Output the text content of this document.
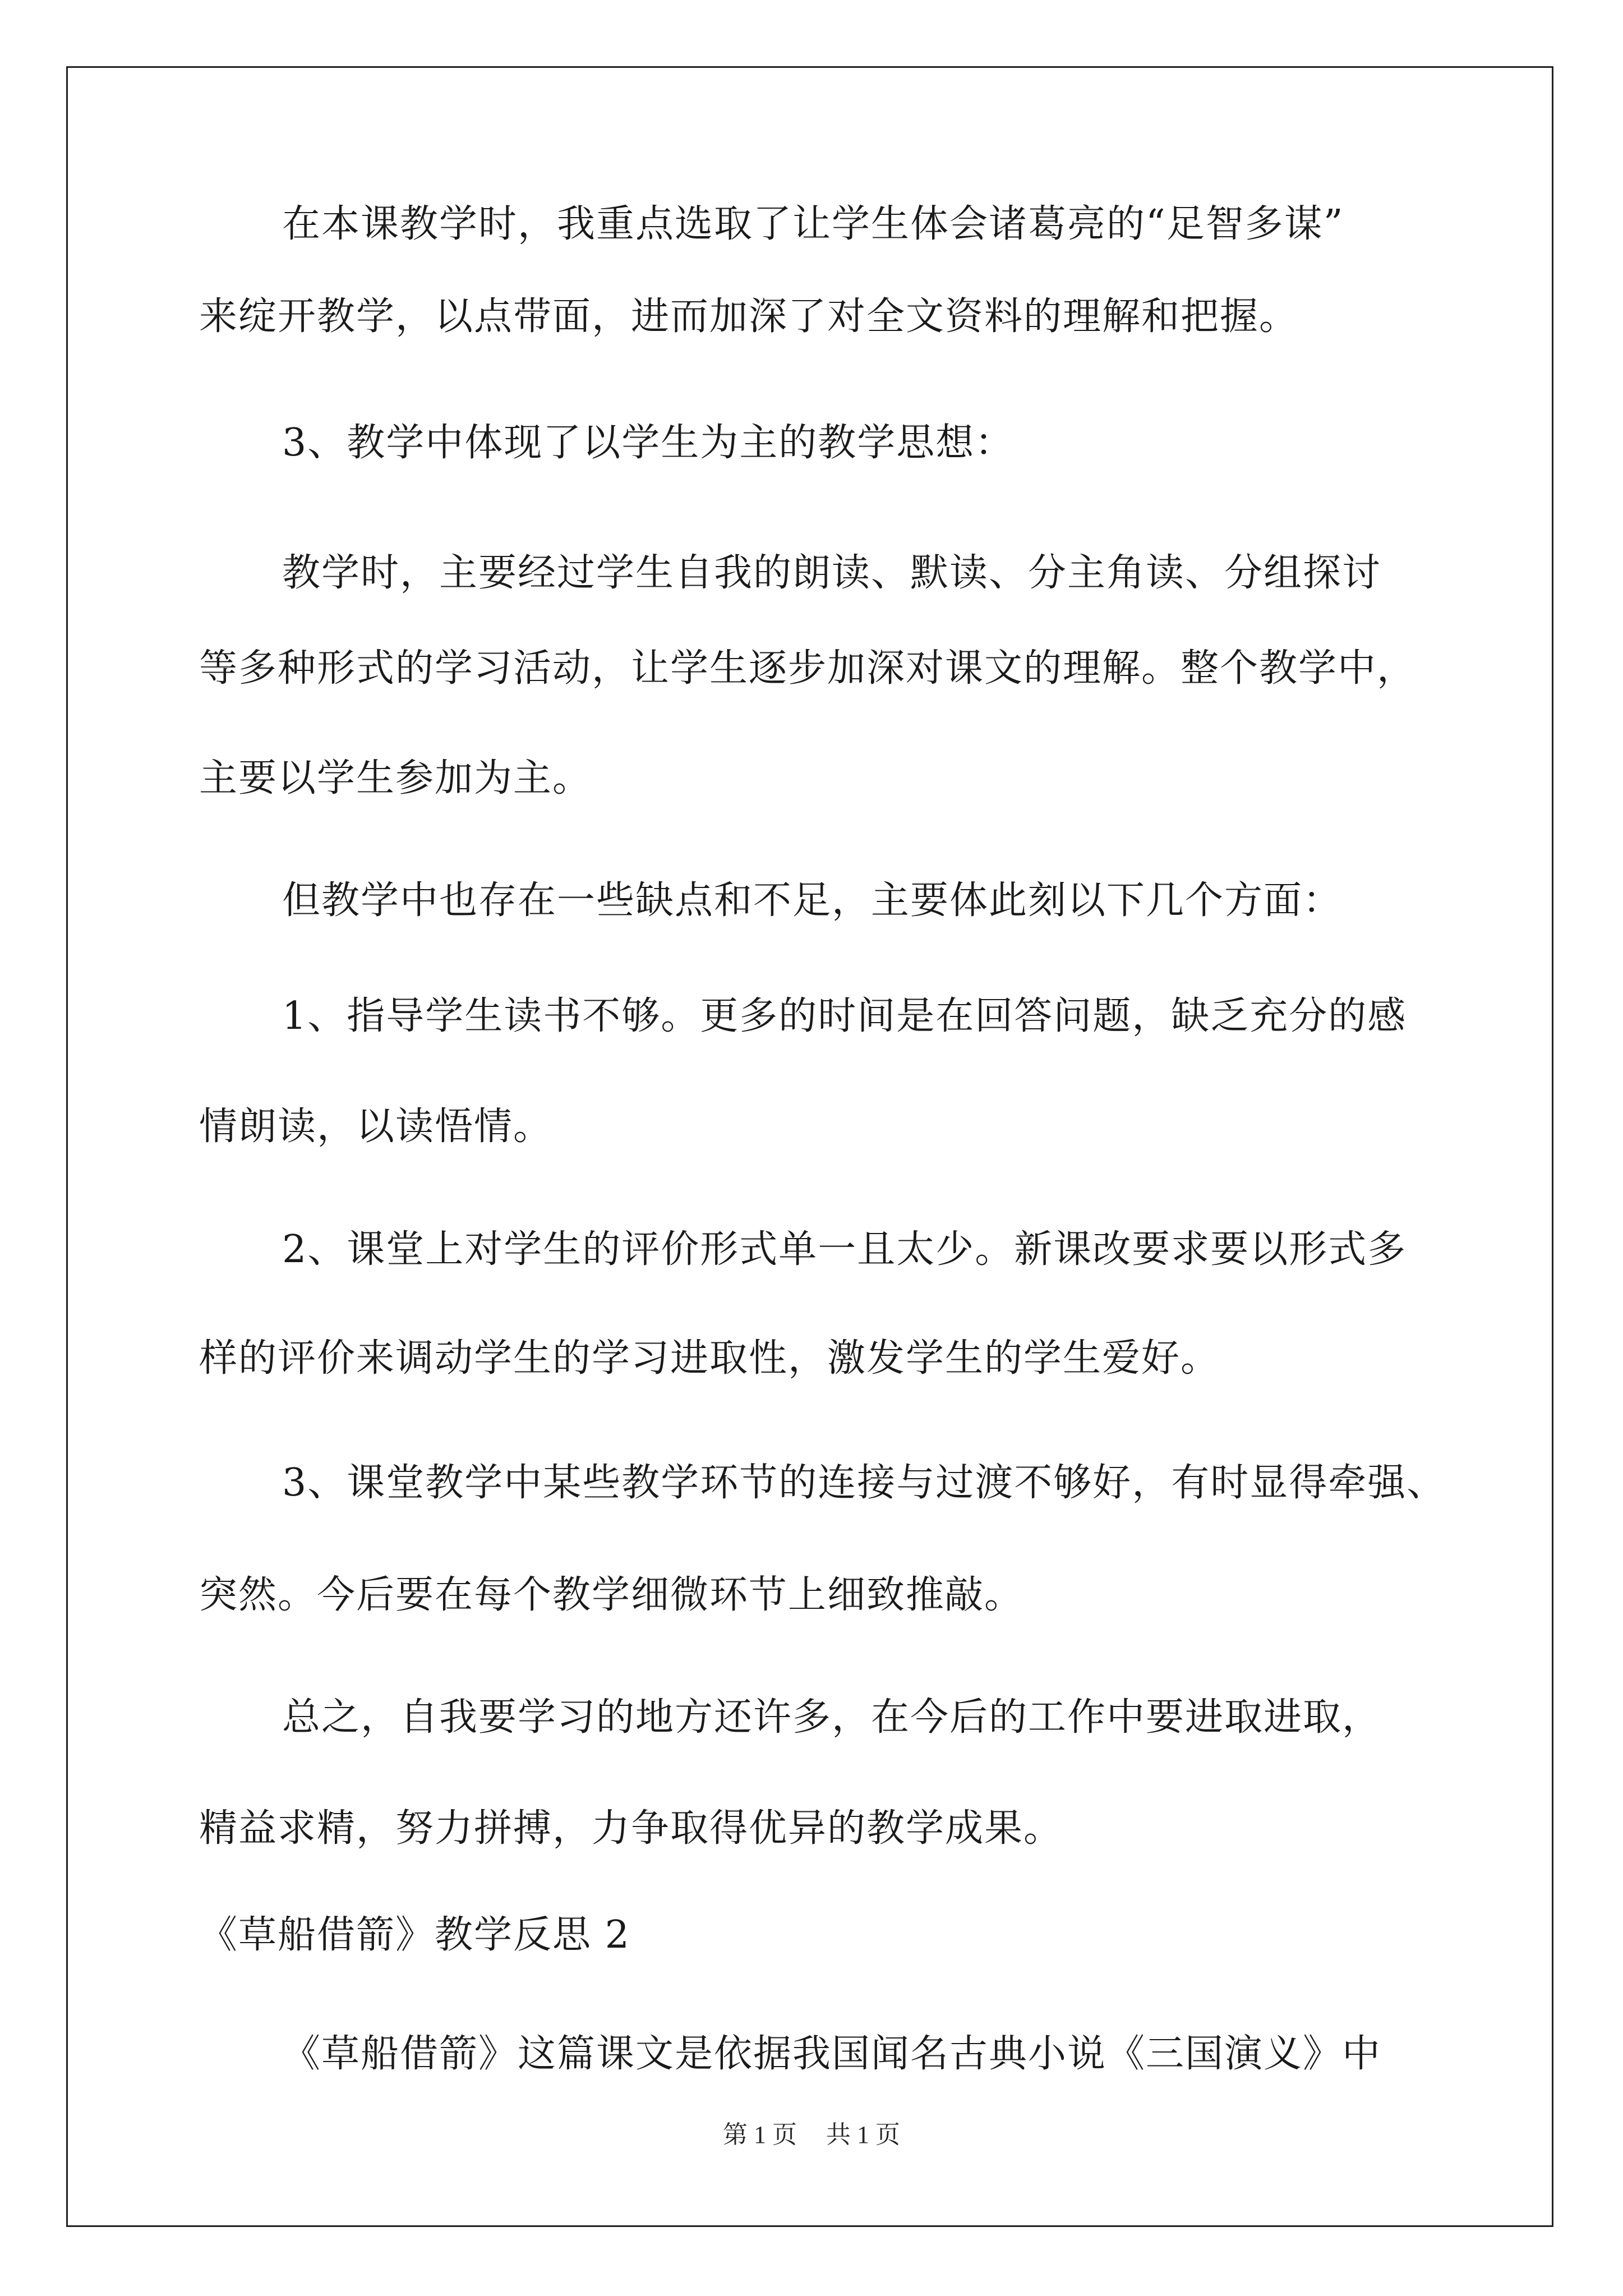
在本课教学时，我重点选取了让学生体会诸葛亮的“足智多谋”
来绽开教学，以点带面，进而加深了对全文资料的理解和把握。
3、教学中体现了以学生为主的教学思想：
教学时，主要经过学生自我的朗读、默读、分主角读、分组探讨
等多种形式的学习活动，让学生逐步加深对课文的理解。整个教学中，
主要以学生参加为主。
但教学中也存在一些缺点和不足，主要体此刻以下几个方面：
1、指导学生读书不够。更多的时间是在回答问题，缺乏充分的感
情朗读，以读悟情。
2、课堂上对学生的评价形式单一且太少。新课改要求要以形式多
样的评价来调动学生的学习进取性，激发学生的学生爱好。
3、课堂教学中某些教学环节的连接与过渡不够好，有时显得牵强、
突然。今后要在每个教学细微环节上细致推敲。
总之，自我要学习的地方还许多，在今后的工作中要进取进取，
精益求精，努力拼搏，力争取得优异的教学成果。
《草船借箭》教学反思 2
《草船借箭》这篇课文是依据我国闻名古典小说《三国演义》中
第 1 页 共 1 页
